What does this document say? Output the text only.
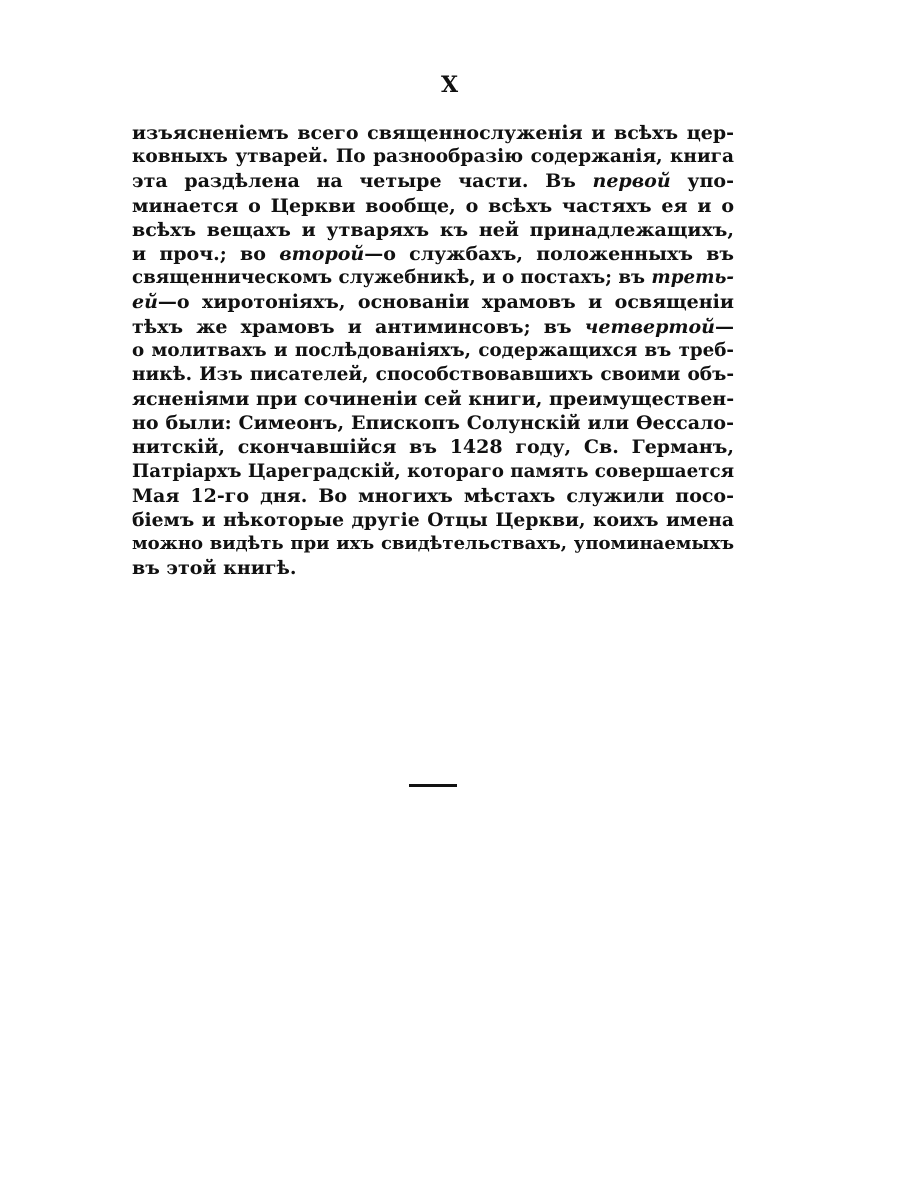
X
изъясненіемъ всего священнослуженія и всѣхъ цер-
ковныхъ утварей. По разнообразію содержанія, книга
эта раздѣлена на четыре части. Въ первой упо-
минается о Церкви вообще, о всѣхъ частяхъ ея и о
всѣхъ вещахъ и утваряхъ къ ней принадлежащихъ,
и проч.; во второй—о службахъ, положенныхъ въ
священническомъ служебникѣ, и о постахъ; въ треть-
ей—о хиротоніяхъ, основаніи храмовъ и освященіи
тѣхъ же храмовъ и антиминсовъ; въ четвертой—
о молитвахъ и послѣдованіяхъ, содержащихся въ треб-
никѣ. Изъ писателей, способствовавшихъ своими объ-
ясненіями при сочиненіи сей книги, преимуществен-
но были: Симеонъ, Епископъ Солунскій или Ѳессало-
нитскій, скончавшійся въ 1428 году, Св. Германъ,
Патріархъ Цареградскій, котораго память совершается
Мая 12-го дня. Во многихъ мѣстахъ служили посо-
біемъ и нѣкоторые другіе Отцы Церкви, коихъ имена
можно видѣть при ихъ свидѣтельствахъ, упоминаемыхъ
въ этой книгѣ.
